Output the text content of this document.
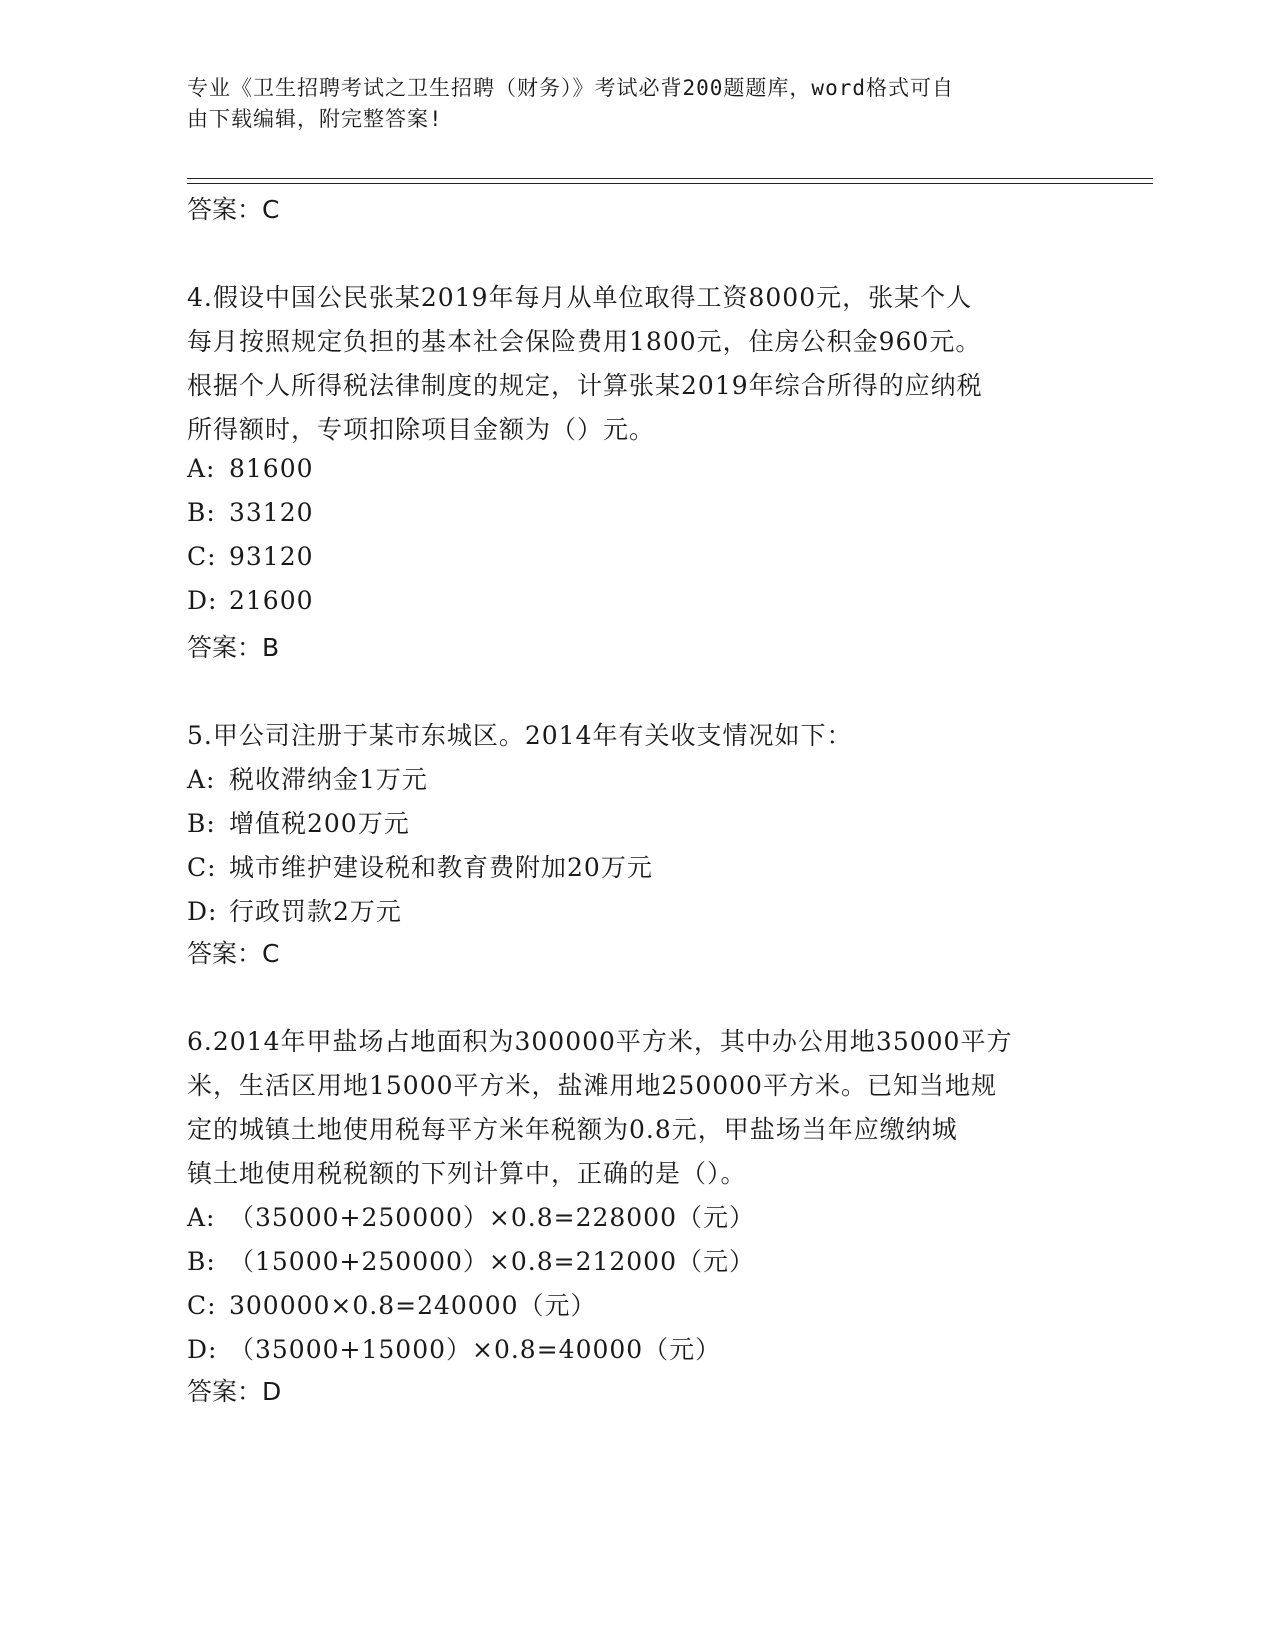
专业《卫生招聘考试之卫生招聘（财务）》考试必背200题题库，word格式可自
由下载编辑，附完整答案!
答案：C
4.假设中国公民张某2019年每月从单位取得工资8000元，张某个人
每月按照规定负担的基本社会保险费用1800元，住房公积金960元。
根据个人所得税法律制度的规定，计算张某2019年综合所得的应纳税
所得额时，专项扣除项目金额为（）元。
A: 81600
B: 33120
C: 93120
D: 21600
答案：B
5.甲公司注册于某市东城区。2014年有关收支情况如下：
A: 税收滞纳金1万元
B: 增值税200万元
C: 城市维护建设税和教育费附加20万元
D: 行政罚款2万元
答案：C
6.2014年甲盐场占地面积为300000平方米，其中办公用地35000平方
米，生活区用地15000平方米，盐滩用地250000平方米。已知当地规
定的城镇土地使用税每平方米年税额为0.8元，甲盐场当年应缴纳城
镇土地使用税税额的下列计算中，正确的是（）。
A: （35000+250000）×0.8=228000（元）
B: （15000+250000）×0.8=212000（元）
C: 300000×0.8=240000（元）
D: （35000+15000）×0.8=40000（元）
答案：D
